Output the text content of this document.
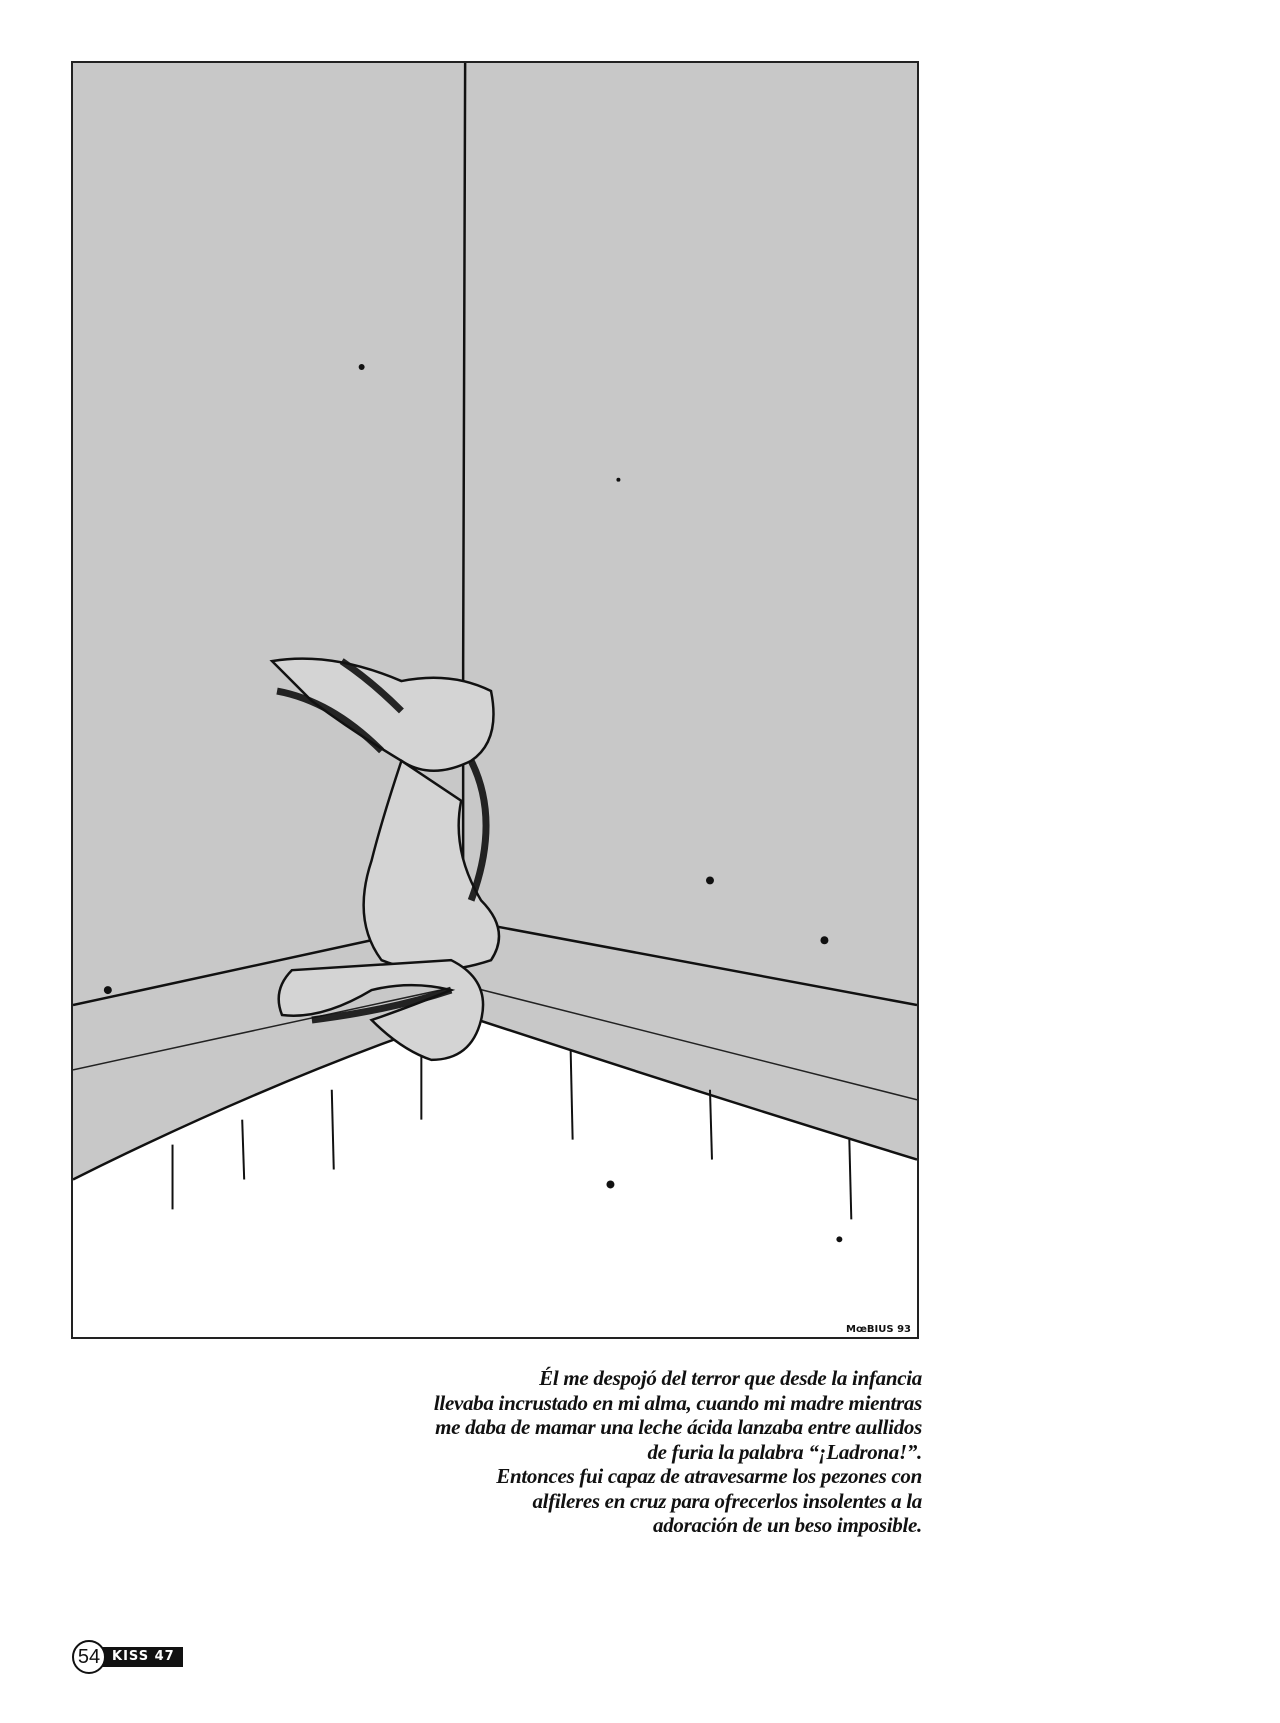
MœBIUS 93
Él me despojó del terror que desde la infancia
llevaba incrustado en mi alma, cuando mi madre mientras
me daba de mamar una leche ácida lanzaba entre aullidos
de furia la palabra “¡Ladrona!”.
Entonces fui capaz de atravesarme los pezones con
alfileres en cruz para ofrecerlos insolentes a la
adoración de un beso imposible.
54 KISS 47
